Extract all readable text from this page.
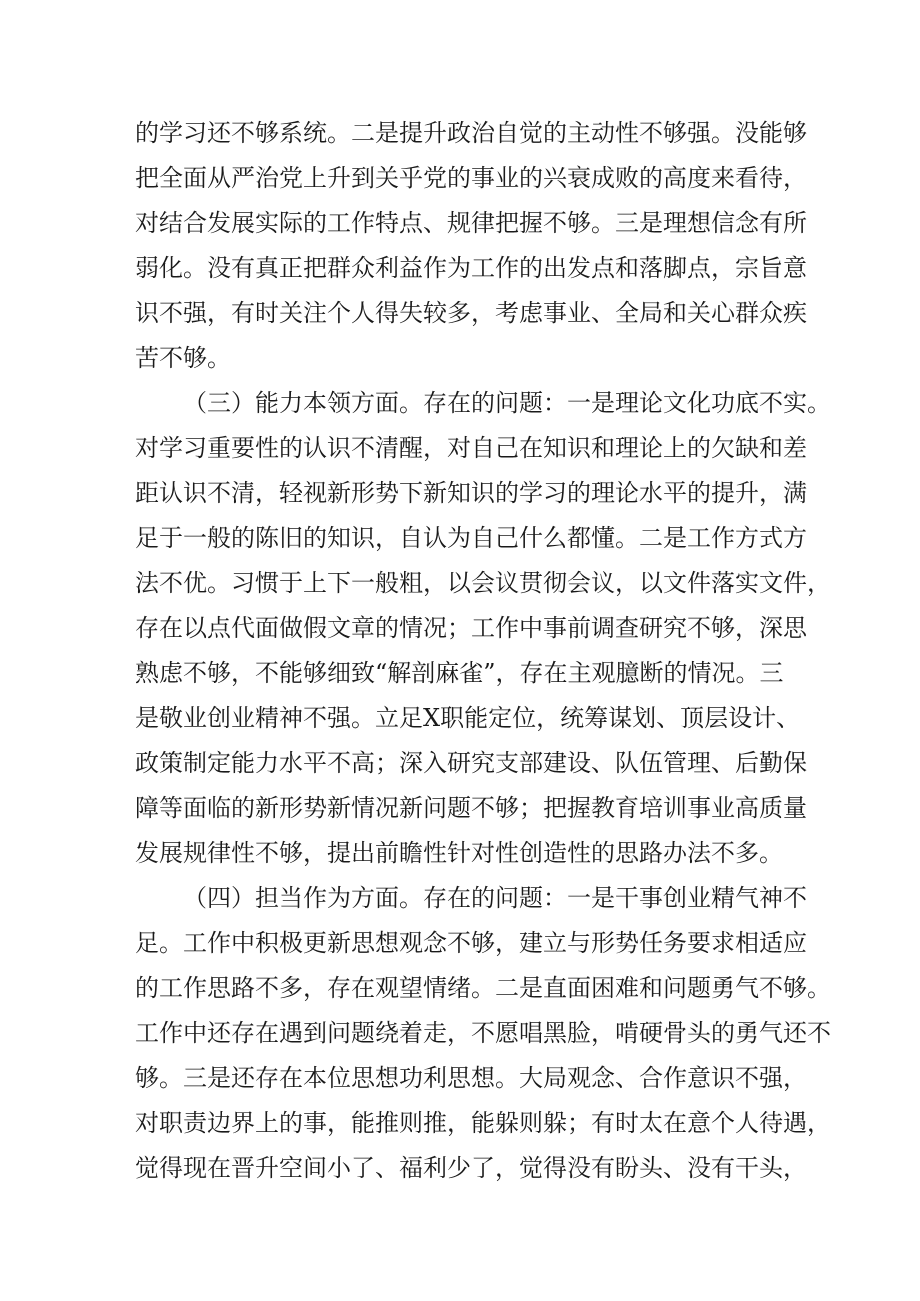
的学习还不够系统。二是提升政治自觉的主动性不够强。没能够
把全面从严治党上升到关乎党的事业的兴衰成败的高度来看待，
对结合发展实际的工作特点、规律把握不够。三是理想信念有所
弱化。没有真正把群众利益作为工作的出发点和落脚点，宗旨意
识不强，有时关注个人得失较多，考虑事业、全局和关心群众疾
苦不够。
（三）能力本领方面。存在的问题：一是理论文化功底不实。
对学习重要性的认识不清醒，对自己在知识和理论上的欠缺和差
距认识不清，轻视新形势下新知识的学习的理论水平的提升，满
足于一般的陈旧的知识，自认为自己什么都懂。二是工作方式方
法不优。习惯于上下一般粗，以会议贯彻会议，以文件落实文件，
存在以点代面做假文章的情况；工作中事前调查研究不够，深思
熟虑不够，不能够细致“解剖麻雀”，存在主观臆断的情况。三
是敬业创业精神不强。立足X职能定位，统筹谋划、顶层设计、
政策制定能力水平不高；深入研究支部建设、队伍管理、后勤保
障等面临的新形势新情况新问题不够；把握教育培训事业高质量
发展规律性不够，提出前瞻性针对性创造性的思路办法不多。
（四）担当作为方面。存在的问题：一是干事创业精气神不
足。工作中积极更新思想观念不够，建立与形势任务要求相适应
的工作思路不多，存在观望情绪。二是直面困难和问题勇气不够。
工作中还存在遇到问题绕着走，不愿唱黑脸，啃硬骨头的勇气还不
够。三是还存在本位思想功利思想。大局观念、合作意识不强，
对职责边界上的事，能推则推，能躲则躲；有时太在意个人待遇，
觉得现在晋升空间小了、福利少了，觉得没有盼头、没有干头，
